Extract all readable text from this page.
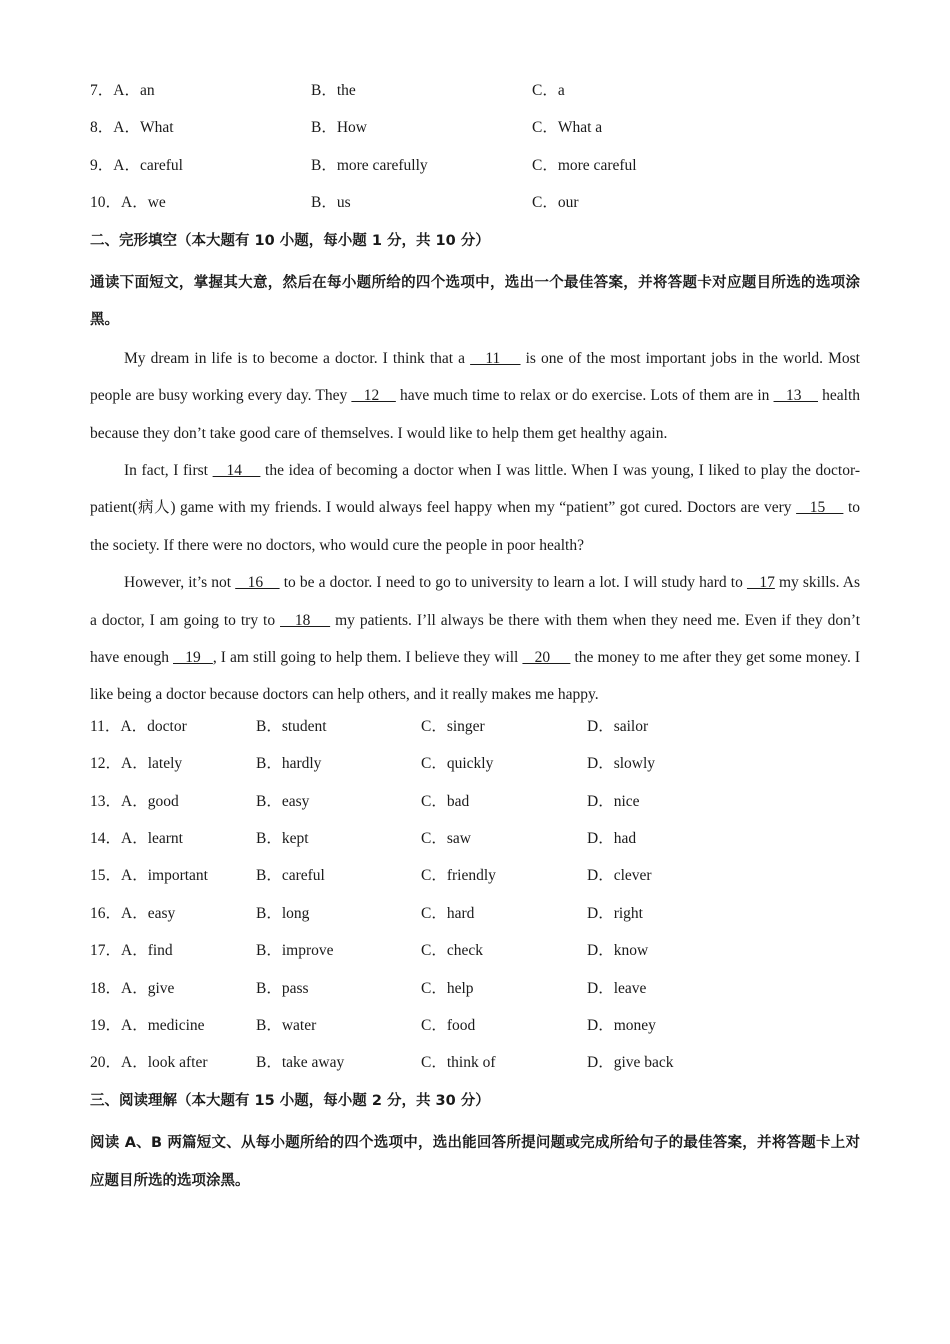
7．A．an	B．the	C．a
8．A．What	B．How	C．What a
9．A．careful	B．more carefully	C．more careful
10．A．we	B．us	C．our
二、完形填空（本大题有 10 小题，每小题 1 分，共 10 分）
通读下面短文，掌握其大意，然后在每小题所给的四个选项中，选出一个最佳答案，并将答题卡对应题目所选的选项涂黑。

My dream in life is to become a doctor. I think that a    11     is one of the most important jobs in the world. Most people are busy working every day. They    12     have much time to relax or do exercise. Lots of them are in    13     health because they don’t take good care of themselves. I would like to help them get healthy again.

In fact, I first    14     the idea of becoming a doctor when I was little. When I was young, I liked to play the doctor-patient(病人) game with my friends. I would always feel happy when my “patient” got cured. Doctors are very    15     to the society. If there were no doctors, who would cure the people in poor health?

However, it’s not    16     to be a doctor. I need to go to university to learn a lot. I will study hard to    17 my skills. As a doctor, I am going to try to    18     my patients. I’ll always be there with them when they need me. Even if they don’t have enough    19   , I am still going to help them. I believe they will    20      the money to me after they get some money. I like being a doctor because doctors can help others, and it really makes me happy.

11．A．doctor	B．student	C．singer	D．sailor
12．A．lately	B．hardly	C．quickly	D．slowly
13．A．good	B．easy	C．bad	D．nice
14．A．learnt	B．kept	C．saw	D．had
15．A．important	B．careful	C．friendly	D．clever
16．A．easy	B．long	C．hard	D．right
17．A．find	B．improve	C．check	D．know
18．A．give	B．pass	C．help	D．leave
19．A．medicine	B．water	C．food	D．money
20．A．look after	B．take away	C．think of	D．give back
三、阅读理解（本大题有 15 小题，每小题 2 分，共 30 分）
阅读 A、B 两篇短文、从每小题所给的四个选项中，选出能回答所提问题或完成所给句子的最佳答案，并将答题卡上对应题目所选的选项涂黑。
